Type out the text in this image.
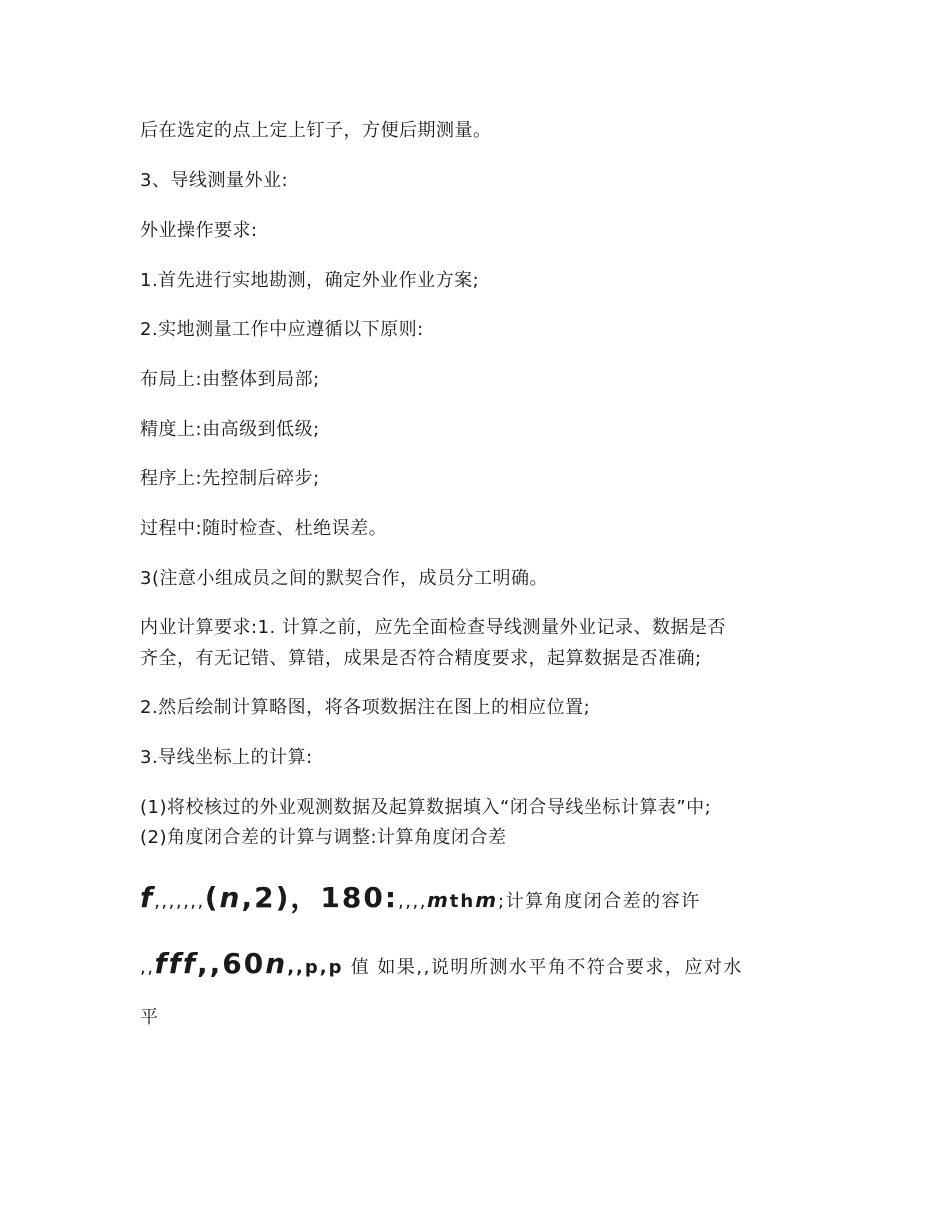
后在选定的点上定上钉子，方便后期测量。
3、导线测量外业:
外业操作要求:
1.首先进行实地勘测，确定外业作业方案;
2.实地测量工作中应遵循以下原则:
布局上:由整体到局部;
精度上:由高级到低级;
程序上:先控制后碎步;
过程中:随时检查、杜绝误差。
3(注意小组成员之间的默契合作，成员分工明确。
内业计算要求:1. 计算之前，应先全面检查导线测量外业记录、数据是否
齐全，有无记错、算错，成果是否符合精度要求，起算数据是否准确;
2.然后绘制计算略图，将各项数据注在图上的相应位置;
3.导线坐标上的计算:
(1)将校核过的外业观测数据及起算数据填入“闭合导线坐标计算表”中;
(2)角度闭合差的计算与调整:计算角度闭合差
f,,,,,,,(n,2)，180:,,,,mthm;计算角度闭合差的容许
,,fff,,60n,,p,p 值 如果,,说明所测水平角不符合要求，应对水
平
